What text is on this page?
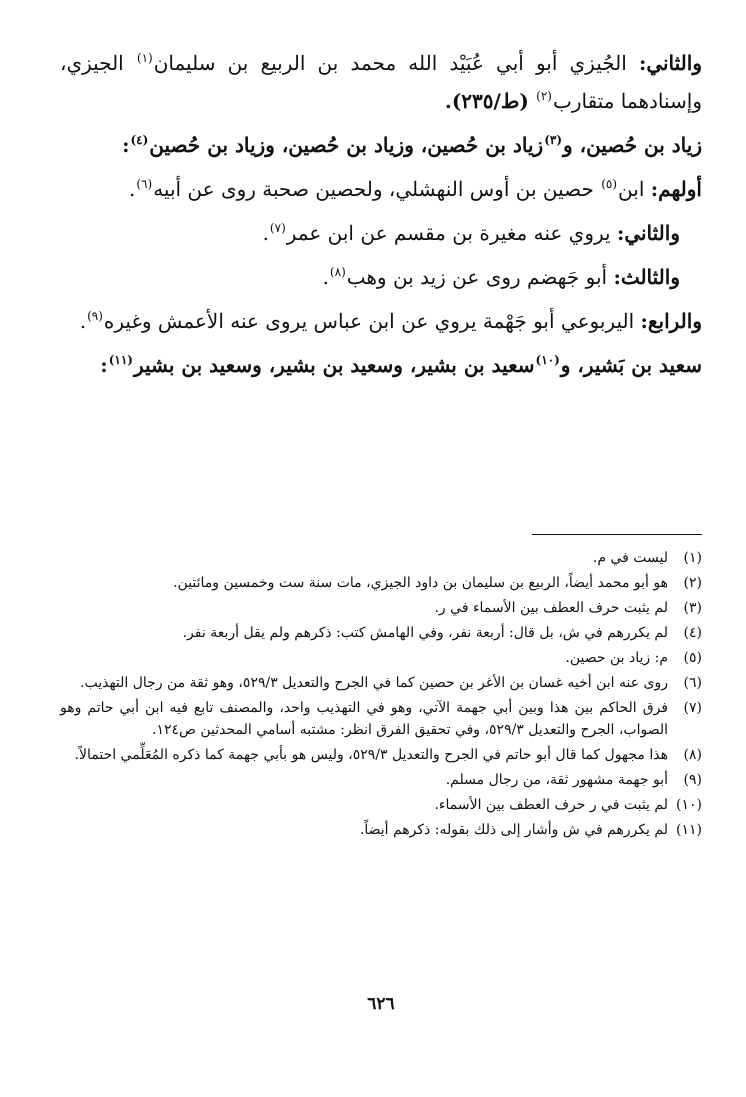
والثاني: الجُيزي أبو أبي عُبَيْد الله محمد بن الربيع بن سليمان$^{(١)}$ الجيزي، وإسنادهما متقارب$^{(٢)}$ (ط/٢٣٥).

زياد بن حُصين، و$^{(٣)}$زياد بن حُصين، وزياد بن حُصين، وزياد بن حُصين$^{(٤)}$:

أولهم: ابن$^{(٥)}$ حصين بن أوس النهشلي، ولحصين صحبة روى عن أبيه$^{(٦)}$.

والثاني: يروي عنه مغيرة بن مقسم عن ابن عمر$^{(٧)}$.

والثالث: أبو جَهضم روى عن زيد بن وهب$^{(٨)}$.

والرابع: اليربوعي أبو جَهْمة يروي عن ابن عباس يروى عنه الأعمش وغيره$^{(٩)}$.

سعيد بن بَشير، و$^{(١٠)}$سعيد بن بشير، وسعيد بن بشير، وسعيد بن بشير$^{(١١)}$:

(١)
ليست في م.
(٢)
هو أبو محمد أيضاً، الربيع بن سليمان بن داود الجيزي، مات سنة ست وخمسين ومائتين.
(٣)
لم يثبت حرف العطف بين الأسماء في ر.
(٤)
لم يكررهم في ش، بل قال: أربعة نفر، وفي الهامش كتب: ذكرهم ولم يقل أربعة نفر.
(٥)
م: زياد بن حصين.
(٦)
روى عنه ابن أخيه غسان بن الأغر بن حصين كما في الجرح والتعديل ٥٢٩/٣، وهو ثقة من رجال التهذيب.
(٧)
فرق الحاكم بين هذا وبين أبي جهمة الآتي، وهو في التهذيب واحد، والمصنف تابع فيه ابن أبي حاتم وهو الصواب، الجرح والتعديل ٥٢٩/٣، وفي تحقيق الفرق انظر: مشتبه أسامي المحدثين ص١٢٤.
(٨)
هذا مجهول كما قال أبو حاتم في الجرح والتعديل ٥٢٩/٣، وليس هو بأبي جهمة كما ذكره المُعَلِّمي احتمالاً.
(٩)
أبو جهمة مشهور ثقة، من رجال مسلم.
(١٠)
لم يثبت في ر حرف العطف بين الأسماء.
(١١)
لم يكررهم في ش وأشار إلى ذلك بقوله: ذكرهم أيضاً.
٦٢٦
